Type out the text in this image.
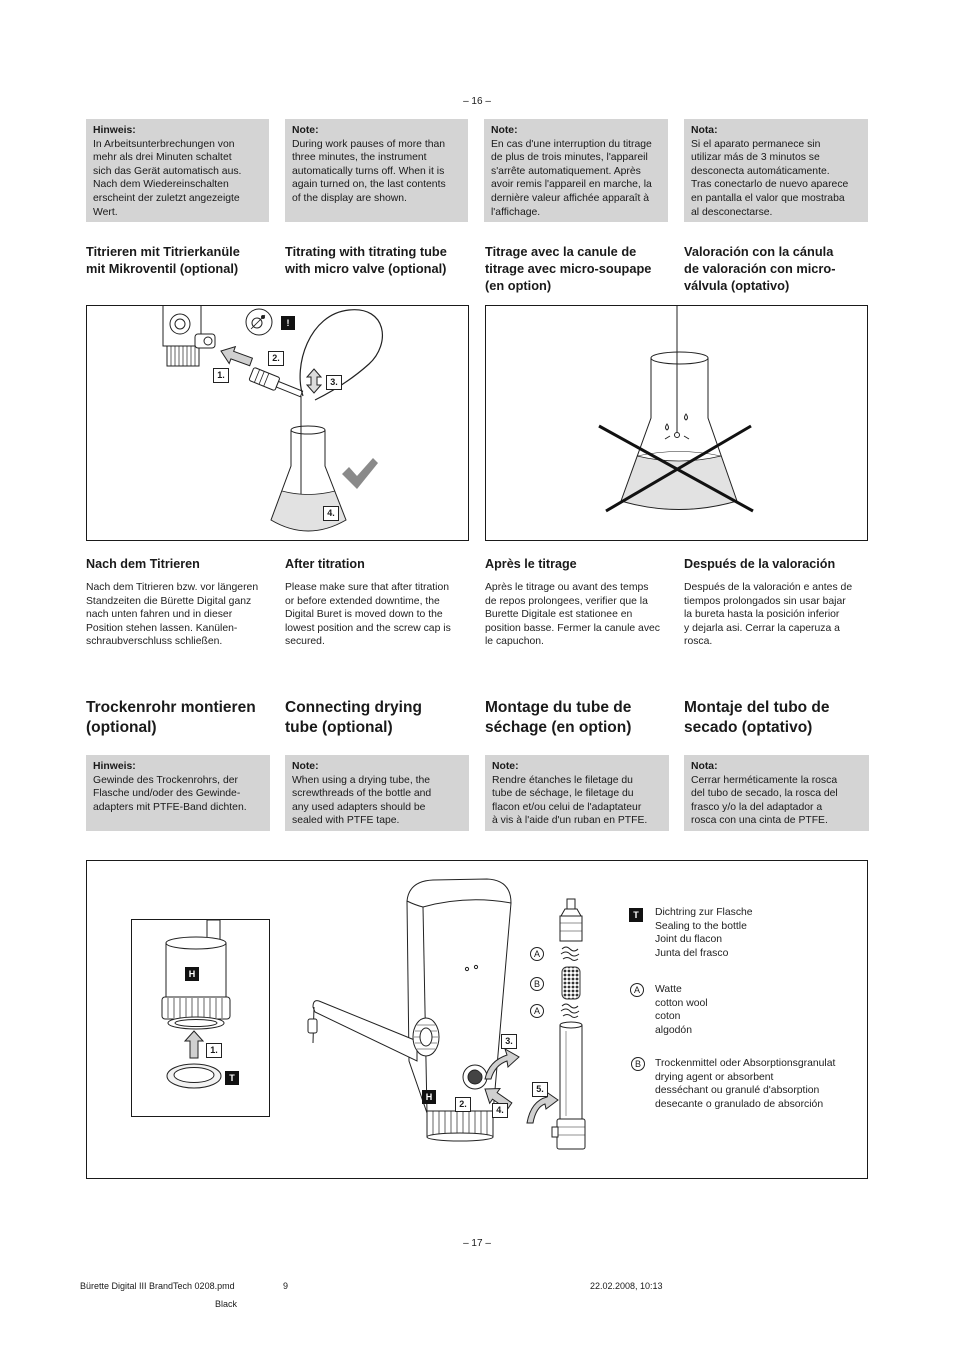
– 16 –
Hinweis:
In Arbeitsunterbrechungen von
mehr als drei Minuten schaltet
sich das Gerät automatisch aus.
Nach dem Wiedereinschalten
erscheint der zuletzt angezeigte
Wert.
Note:
During work pauses of more than
three minutes, the instrument
automatically turns off. When it is
again turned on, the last contents
of the display are shown.
Note:
En cas d'une interruption du titrage
de plus de trois minutes, l'appareil
s'arrête automatiquement. Après
avoir remis l'appareil en marche, la
dernière valeur affichée apparaît à
l'affichage.
Nota:
Si el aparato permanece sin
utilizar más de 3 minutos se
desconecta automáticamente.
Tras conectarlo de nuevo aparece
en pantalla el valor que mostraba
al desconectarse.
Titrieren mit Titrierkanüle
mit Mikroventil (optional)
Titrating with titrating tube
with micro valve (optional)
Titrage avec la canule de
titrage avec micro-soupape
(en option)
Valoración con la cánula
de valoración con micro-
válvula (optativo)
!
2.
1.
3.
4.
Nach dem Titrieren	After titration	Après le titrage	Después de la valoración
Nach dem Titrieren bzw. vor längeren
Standzeiten die Bürette Digital ganz
nach unten fahren und in dieser
Position stehen lassen. Kanülen-
schraubverschluss schließen.
Please make sure that after titration
or before extended downtime, the
Digital Buret is moved down to the
lowest position and the screw cap is
secured.
Après le titrage ou avant des temps
de repos prolongees, verifier que la
Burette Digitale est stationee en
position basse. Fermer la canule avec
le capuchon.
Después de la valoración e antes de
tiempos prolongados sin usar bajar
la bureta hasta la posición inferior
y dejarla asi. Cerrar la caperuza a
rosca.
Trockenrohr montieren
(optional)
Connecting drying
tube (optional)
Montage du tube de
séchage (en option)
Montaje del tubo de
secado (optativo)
Hinweis:
Gewinde des Trockenrohrs, der
Flasche und/oder des Gewinde-
adapters mit PTFE-Band dichten.
Note:
When using a drying tube, the
screwthreads of the bottle and
any used adapters should be
sealed with PTFE tape.
Note:
Rendre étanches le filetage du
tube de séchage, le filetage du
flacon et/ou celui de l'adaptateur
à vis à l'aide d'un ruban en PTFE.
Nota:
Cerrar herméticamente la rosca
del tubo de secado, la rosca del
frasco y/o la del adaptador a
rosca con una cinta de PTFE.
H
1.
T
A
B
A
3.
5.
H
2.
4.
T	Dichtring zur Flasche
Sealing to the bottle
Joint du flacon
Junta del frasco
A	Watte
cotton wool
coton
algodón
B	Trockenmittel oder Absorptionsgranulat
drying agent or absorbent
desséchant ou granulé d'absorption
desecante o granulado de absorción
– 17 –
Bürette Digital III BrandTech 0208.pmd	9	22.02.2008, 10:13
Black
